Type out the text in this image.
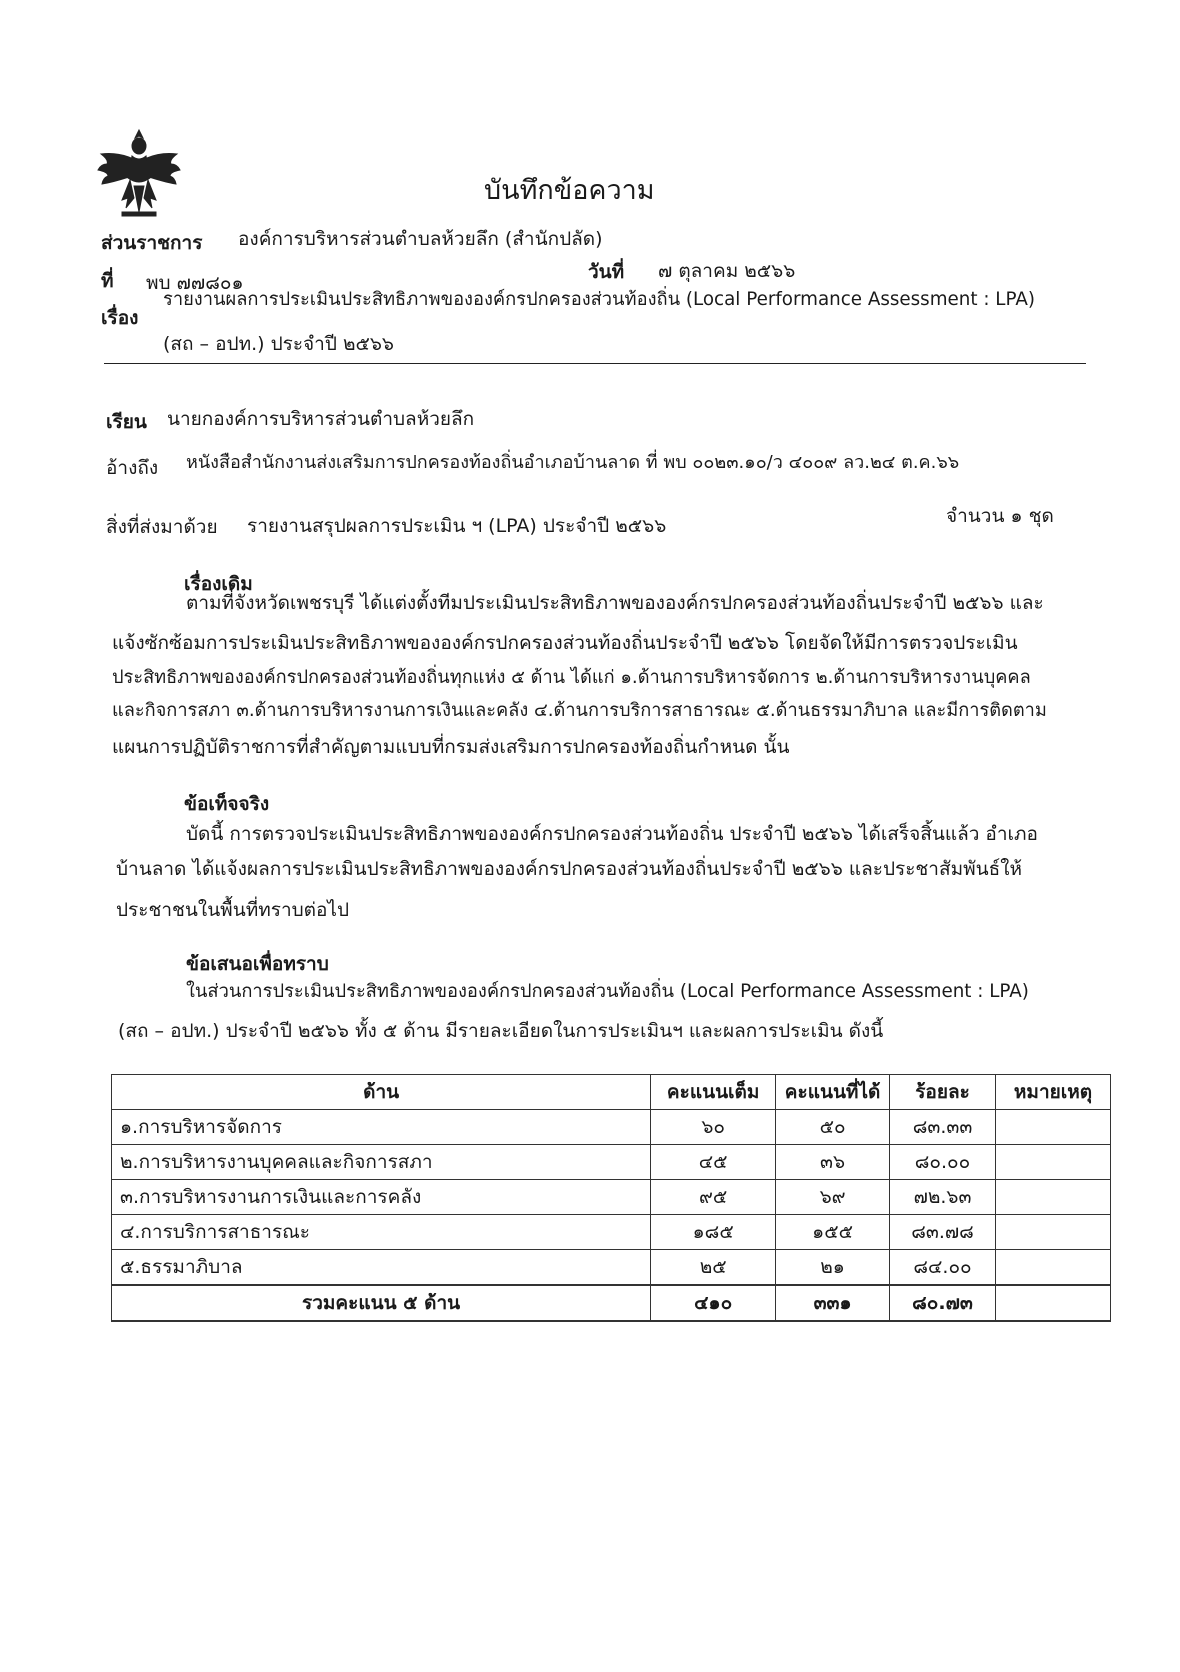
บันทึกข้อความ
ส่วนราชการ องค์การบริหารส่วนตำบลห้วยลึก (สำนักปลัด)
ที่ พบ ๗๗๘๐๑	วันที่ ๗ ตุลาคม ๒๕๖๖
เรื่อง
รายงานผลการประเมินประสิทธิภาพขององค์กรปกครองส่วนท้องถิ่น (Local Performance Assessment : LPA)
(สถ – อปท.) ประจำปี ๒๕๖๖
เรียน นายกองค์การบริหารส่วนตำบลห้วยลึก
อ้างถึง หนังสือสำนักงานส่งเสริมการปกครองท้องถิ่นอำเภอบ้านลาด ที่ พบ ๐๐๒๓.๑๐/ว ๔๐๐๙ ลว.๒๔ ต.ค.๖๖
สิ่งที่ส่งมาด้วย รายงานสรุปผลการประเมิน ฯ (LPA) ประจำปี ๒๕๖๖	จำนวน ๑ ชุด
เรื่องเดิม
ตามที่จังหวัดเพชรบุรี ได้แต่งตั้งทีมประเมินประสิทธิภาพขององค์กรปกครองส่วนท้องถิ่นประจำปี ๒๕๖๖ และ
แจ้งซักซ้อมการประเมินประสิทธิภาพขององค์กรปกครองส่วนท้องถิ่นประจำปี ๒๕๖๖ โดยจัดให้มีการตรวจประเมิน
ประสิทธิภาพขององค์กรปกครองส่วนท้องถิ่นทุกแห่ง ๕ ด้าน ได้แก่ ๑.ด้านการบริหารจัดการ ๒.ด้านการบริหารงานบุคคล
และกิจการสภา ๓.ด้านการบริหารงานการเงินและคลัง ๔.ด้านการบริการสาธารณะ ๕.ด้านธรรมาภิบาล และมีการติดตาม
แผนการปฏิบัติราชการที่สำคัญตามแบบที่กรมส่งเสริมการปกครองท้องถิ่นกำหนด นั้น
ข้อเท็จจริง
บัดนี้ การตรวจประเมินประสิทธิภาพขององค์กรปกครองส่วนท้องถิ่น ประจำปี ๒๕๖๖ ได้เสร็จสิ้นแล้ว อำเภอ
บ้านลาด ได้แจ้งผลการประเมินประสิทธิภาพขององค์กรปกครองส่วนท้องถิ่นประจำปี ๒๕๖๖ และประชาสัมพันธ์ให้
ประชาชนในพื้นที่ทราบต่อไป
ข้อเสนอเพื่อทราบ
ในส่วนการประเมินประสิทธิภาพขององค์กรปกครองส่วนท้องถิ่น (Local Performance Assessment : LPA)
(สถ – อปท.) ประจำปี ๒๕๖๖ ทั้ง ๕ ด้าน มีรายละเอียดในการประเมินฯ และผลการประเมิน ดังนี้
ด้าน	คะแนนเต็ม	คะแนนที่ได้	ร้อยละ	หมายเหตุ
๑.การบริหารจัดการ	๖๐	๕๐	๘๓.๓๓	
๒.การบริหารงานบุคคลและกิจการสภา	๔๕	๓๖	๘๐.๐๐	
๓.การบริหารงานการเงินและการคลัง	๙๕	๖๙	๗๒.๖๓	
๔.การบริการสาธารณะ	๑๘๕	๑๕๕	๘๓.๗๘	
๕.ธรรมาภิบาล	๒๕	๒๑	๘๔.๐๐	
รวมคะแนน ๕ ด้าน	๔๑๐	๓๓๑	๘๐.๗๓	
